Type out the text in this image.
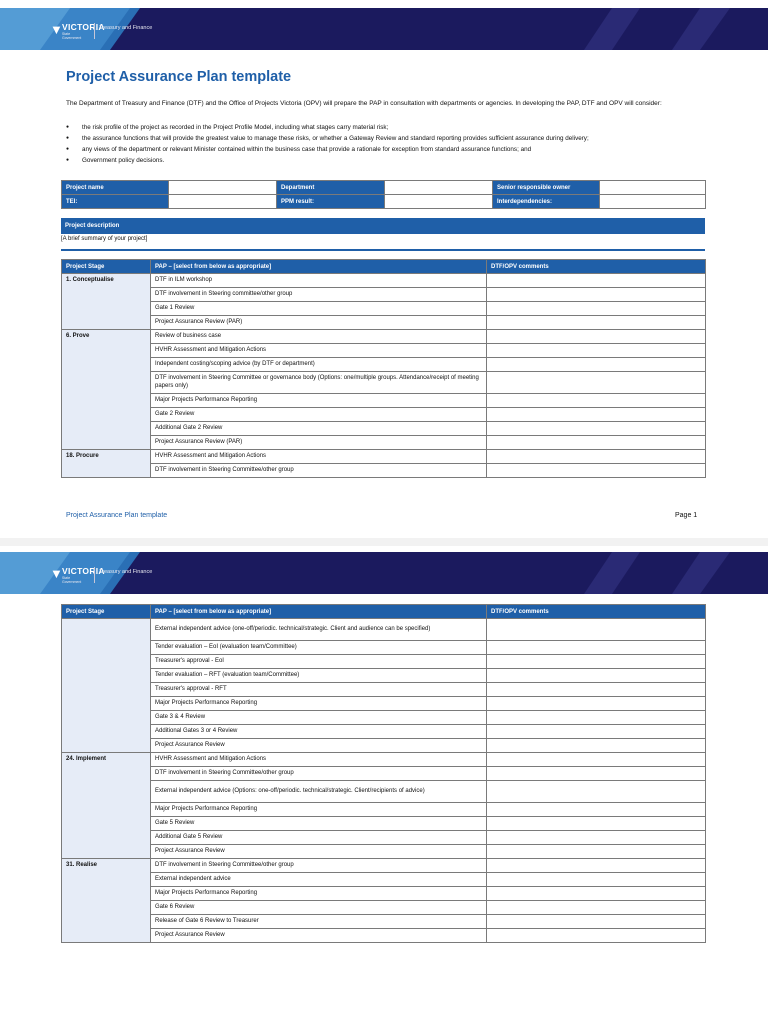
▼ VICTORIA
State Government
Treasury and Finance
Project Assurance Plan template

The Department of Treasury and Finance (DTF) and the Office of Projects Victoria (OPV) will prepare the PAP in consultation with departments or agencies. In developing the PAP, DTF and OPV will consider:

● the risk profile of the project as recorded in the Project Profile Model, including what stages carry material risk;
● the assurance functions that will provide the greatest value to manage these risks, or whether a Gateway Review and standard reporting provides sufficient assurance during delivery;
● any views of the department or relevant Minister contained within the business case that provide a rationale for exception from standard assurance functions; and
● Government policy decisions.
Project name		Department		Senior responsible owner	
TEI:		PPM result:		Interdependencies:	
Project description
[A brief summary of your project]
Project Stage	PAP – [select from below as appropriate]	DTF/OPV comments
1. Conceptualise	DTF in ILM workshop	
	DTF involvement in Steering committee/other group	
	Gate 1 Review	
	Project Assurance Review (PAR)	
6. Prove	Review of business case	
	HVHR Assessment and Mitigation Actions	
	Independent costing/scoping advice (by DTF or department)	
	DTF involvement in Steering Committee or governance body (Options: one/multiple groups. Attendance/receipt of meeting papers only)	
	Major Projects Performance Reporting	
	Gate 2 Review	
	Additional Gate 2 Review	
	Project Assurance Review (PAR)	
18. Procure	HVHR Assessment and Mitigation Actions	
	DTF involvement in Steering Committee/other group	
Project Assurance Plan template	Page 1
▼ VICTORIA
State Government
Treasury and Finance
Project Stage	PAP – [select from below as appropriate]	DTF/OPV comments
	External independent advice (one-off/periodic. technical/strategic. Client and audience can be specified)	
	Tender evaluation – EoI (evaluation team/Committee)	
	Treasurer's approval - EoI	
	Tender evaluation – RFT (evaluation team/Committee)	
	Treasurer's approval - RFT	
	Major Projects Performance Reporting	
	Gate 3 & 4 Review	
	Additional Gates 3 or 4 Review	
	Project Assurance Review	
24. Implement	HVHR Assessment and Mitigation Actions	
	DTF involvement in Steering Committee/other group	
	External independent advice (Options: one-off/periodic. technical/strategic. Client/recipients of advice)	
	Major Projects Performance Reporting	
	Gate 5 Review	
	Additional Gate 5 Review	
	Project Assurance Review	
31. Realise	DTF involvement in Steering Committee/other group	
	External independent advice	
	Major Projects Performance Reporting	
	Gate 6 Review	
	Release of Gate 6 Review to Treasurer	
	Project Assurance Review	
